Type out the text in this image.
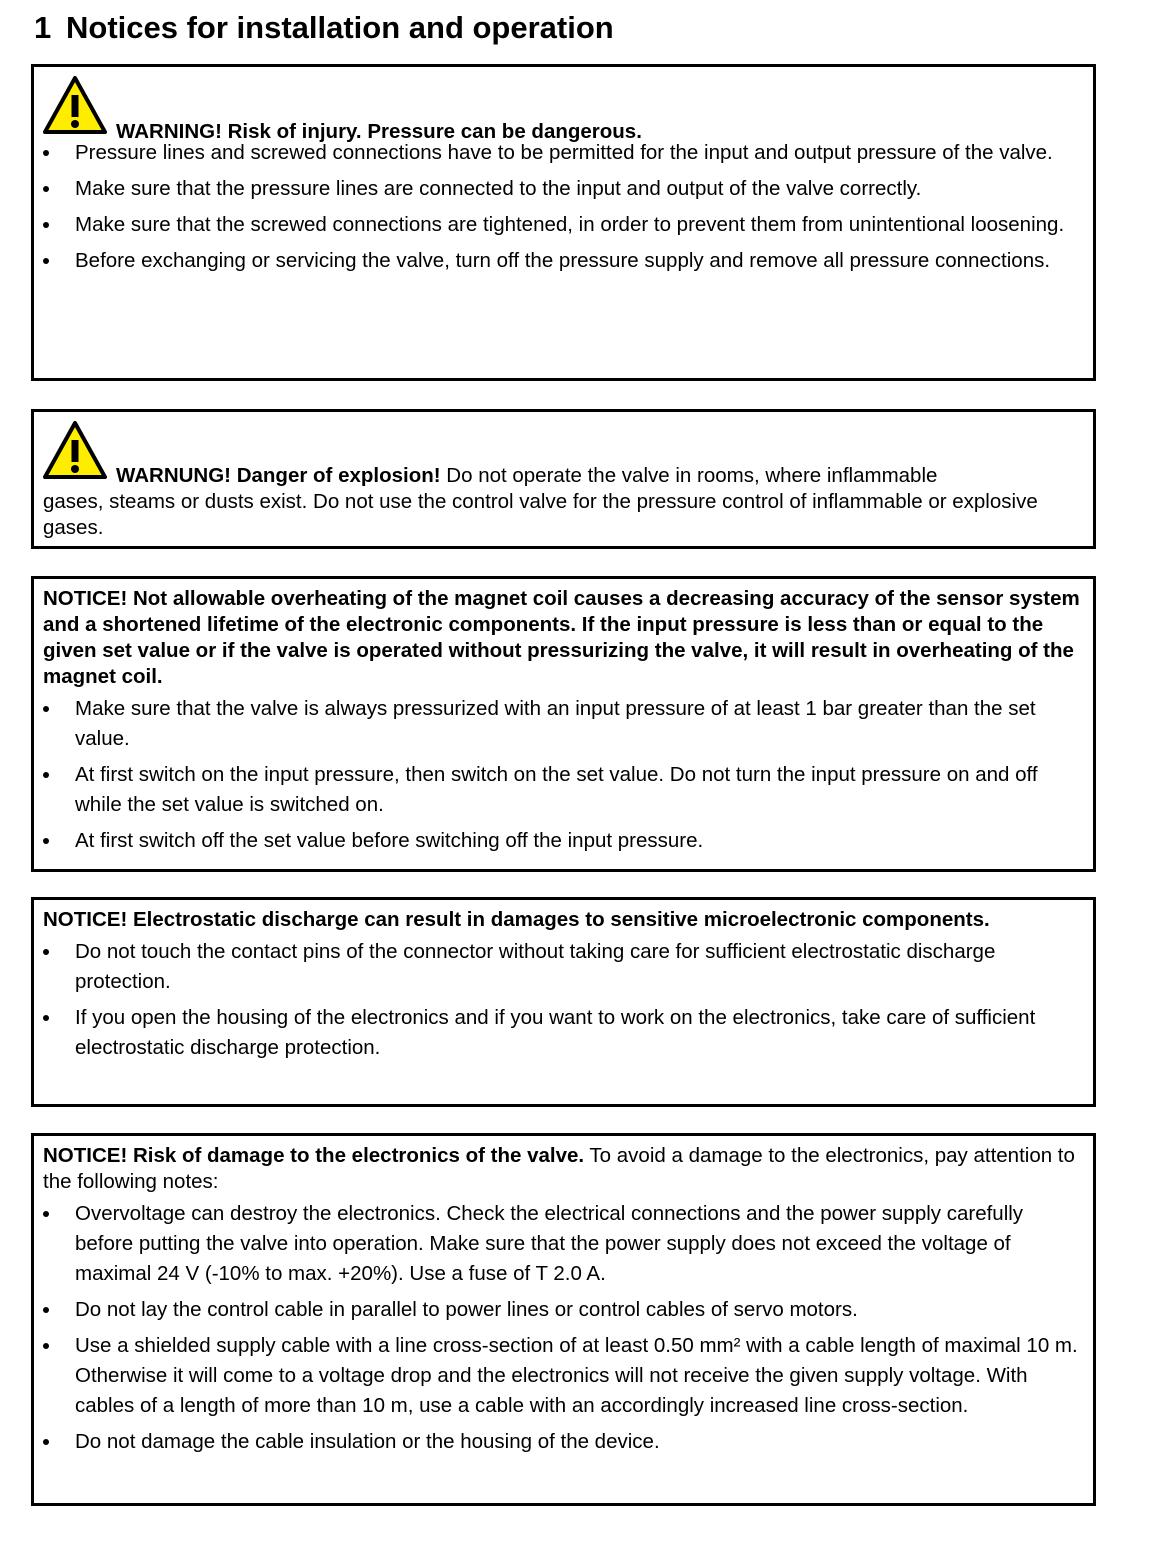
1 Notices for installation and operation
WARNING! Risk of injury. Pressure can be dangerous.
Pressure lines and screwed connections have to be permitted for the input and output pressure of the valve.
Make sure that the pressure lines are connected to the input and output of the valve correctly.
Make sure that the screwed connections are tightened, in order to prevent them from unintentional loosening.
Before exchanging or servicing the valve, turn off the pressure supply and remove all pressure connections.
WARNUNG! Danger of explosion! Do not operate the valve in rooms, where inflammable
gases, steams or dusts exist. Do not use the control valve for the pressure control of inflammable or explosive gases.

NOTICE! Not allowable overheating of the magnet coil causes a decreasing accuracy of the sensor system and a shortened lifetime of the electronic components. If the input pressure is less than or equal to the given set value or if the valve is operated without pressurizing the valve, it will result in overheating of the magnet coil.

Make sure that the valve is always pressurized with an input pressure of at least 1 bar greater than the set value.
At first switch on the input pressure, then switch on the set value. Do not turn the input pressure on and off while the set value is switched on.
At first switch off the set value before switching off the input pressure.

NOTICE! Electrostatic discharge can result in damages to sensitive microelectronic components.

Do not touch the contact pins of the connector without taking care for sufficient electrostatic discharge protection.
If you open the housing of the electronics and if you want to work on the electronics, take care of sufficient electrostatic discharge protection.

NOTICE! Risk of damage to the electronics of the valve. To avoid a damage to the electronics, pay attention to the following notes:

Overvoltage can destroy the electronics. Check the electrical connections and the power supply carefully before putting the valve into operation. Make sure that the power supply does not exceed the voltage of maximal 24 V (-10% to max. +20%). Use a fuse of T 2.0 A.
Do not lay the control cable in parallel to power lines or control cables of servo motors.
Use a shielded supply cable with a line cross-section of at least 0.50 mm² with a cable length of maximal 10 m. Otherwise it will come to a voltage drop and the electronics will not receive the given supply voltage. With cables of a length of more than 10 m, use a cable with an accordingly increased line cross-section.
Do not damage the cable insulation or the housing of the device.
